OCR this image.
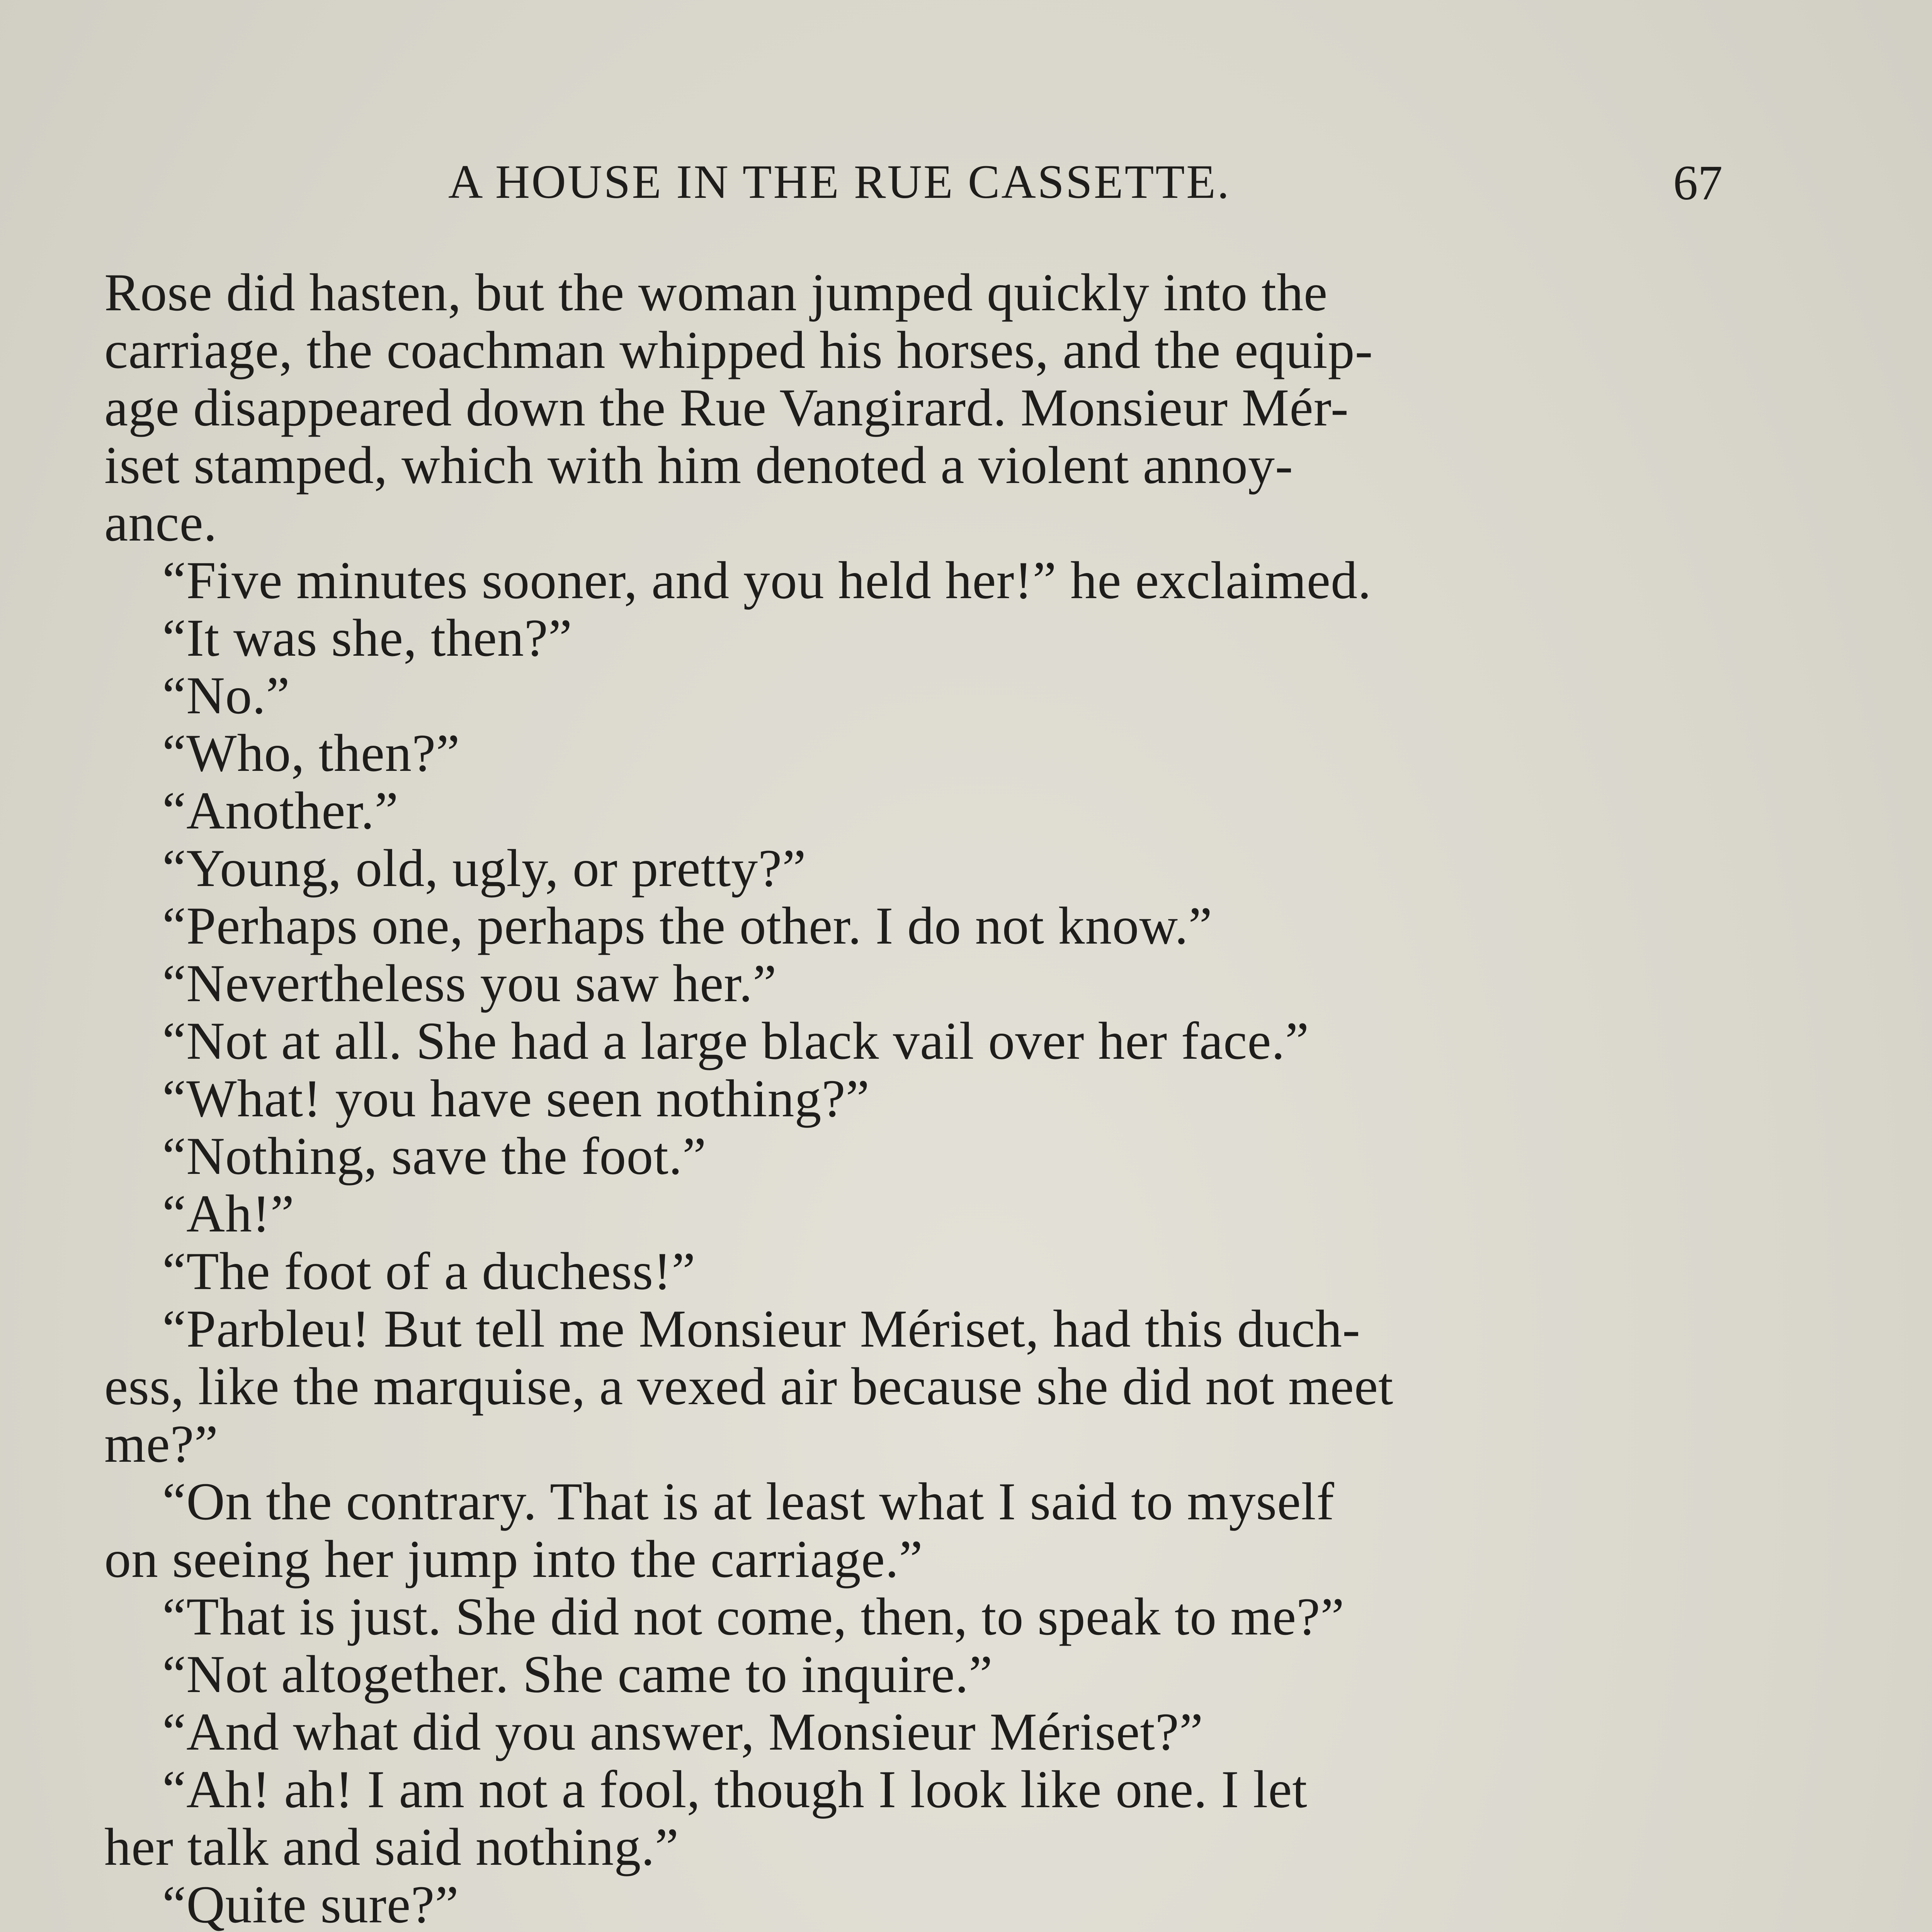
A HOUSE IN THE RUE CASSETTE.	67
Rose did hasten, but the woman jumped quickly into the
carriage, the coachman whipped his horses, and the equip-
age disappeared down the Rue Vangirard. Monsieur Mér-
iset stamped, which with him denoted a violent annoy-
ance.
“Five minutes sooner, and you held her!” he exclaimed.
“It was she, then?”
“No.”
“Who, then?”
“Another.”
“Young, old, ugly, or pretty?”
“Perhaps one, perhaps the other. I do not know.”
“Nevertheless you saw her.”
“Not at all. She had a large black vail over her face.”
“What! you have seen nothing?”
“Nothing, save the foot.”
“Ah!”
“The foot of a duchess!”
“Parbleu! But tell me Monsieur Mériset, had this duch-
ess, like the marquise, a vexed air because she did not meet
me?”
“On the contrary. That is at least what I said to myself
on seeing her jump into the carriage.”
“That is just. She did not come, then, to speak to me?”
“Not altogether. She came to inquire.”
“And what did you answer, Monsieur Mériset?”
“Ah! ah! I am not a fool, though I look like one. I let
her talk and said nothing.”
“Quite sure?”
